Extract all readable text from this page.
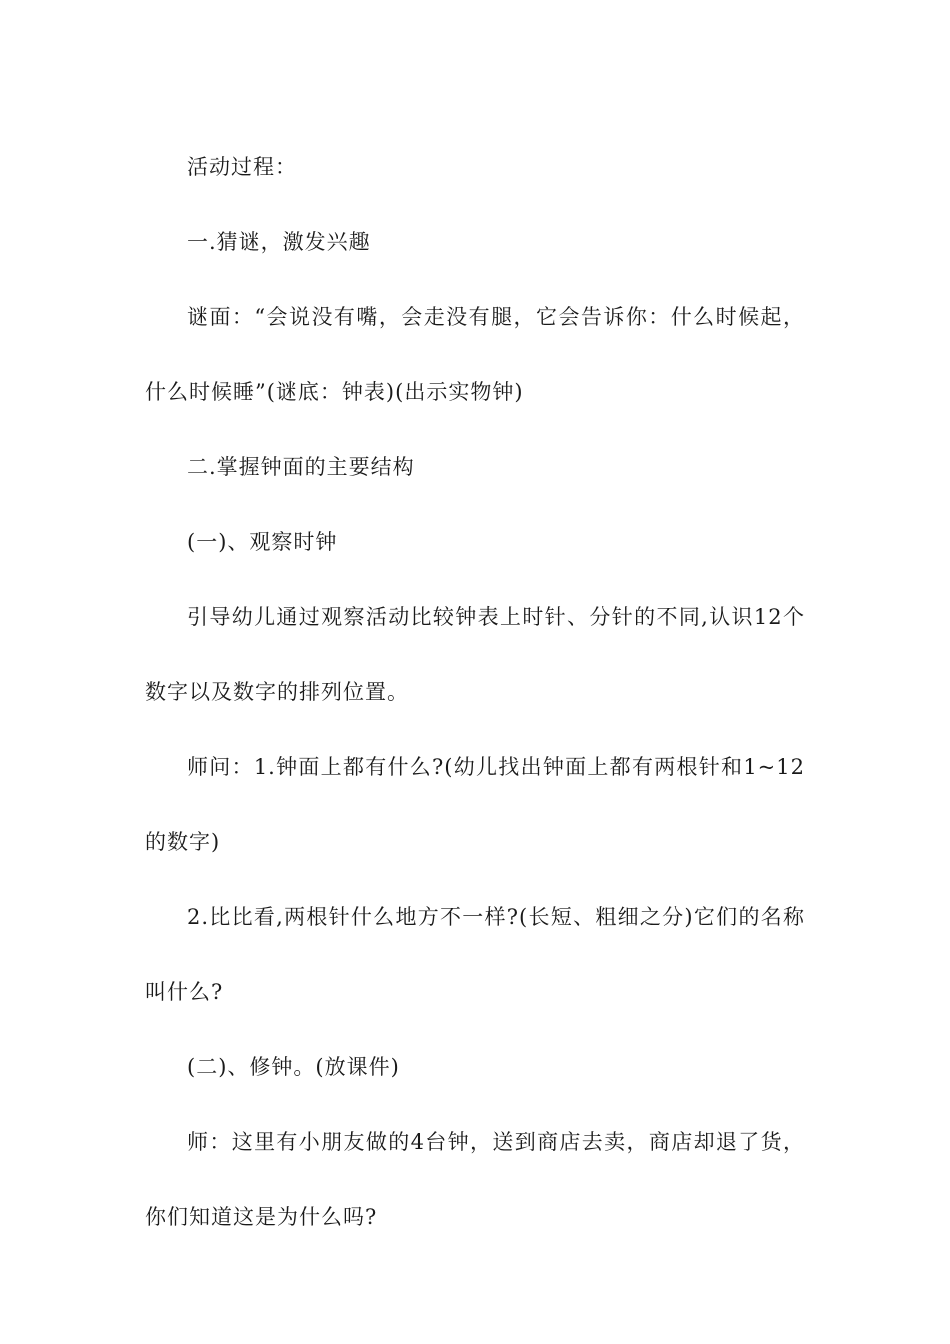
活动过程：

一.猜谜，激发兴趣

谜面：“会说没有嘴，会走没有腿，它会告诉你：什么时候起，什么时候睡”(谜底：钟表)(出示实物钟)

二.掌握钟面的主要结构

(一)、观察时钟

引导幼儿通过观察活动比较钟表上时针、分针的不同,认识12个数字以及数字的排列位置。

师问：1.钟面上都有什么?(幼儿找出钟面上都有两根针和1~12的数字)

2.比比看,两根针什么地方不一样?(长短、粗细之分)它们的名称叫什么?

(二)、修钟。(放课件)

师：这里有小朋友做的4台钟，送到商店去卖，商店却退了货，你们知道这是为什么吗?
